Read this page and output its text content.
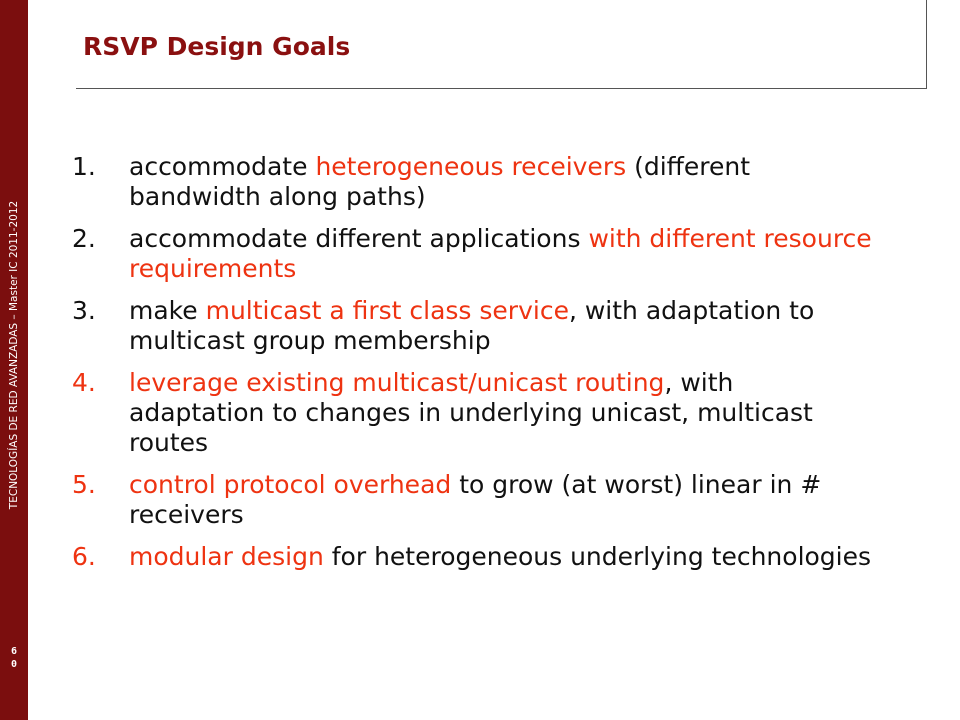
TECNOLOGÍAS DE RED AVANZADAS – Master IC 2011-2012
6
0
RSVP Design Goals
1. accommodate heterogeneous receivers (different bandwidth along paths)
2. accommodate different applications with different resource requirements
3. make multicast a first class service, with adaptation to multicast group membership
4. leverage existing multicast/unicast routing, with adaptation to changes in underlying unicast, multicast routes
5. control protocol overhead to grow (at worst) linear in # receivers
6. modular design for heterogeneous underlying technologies
